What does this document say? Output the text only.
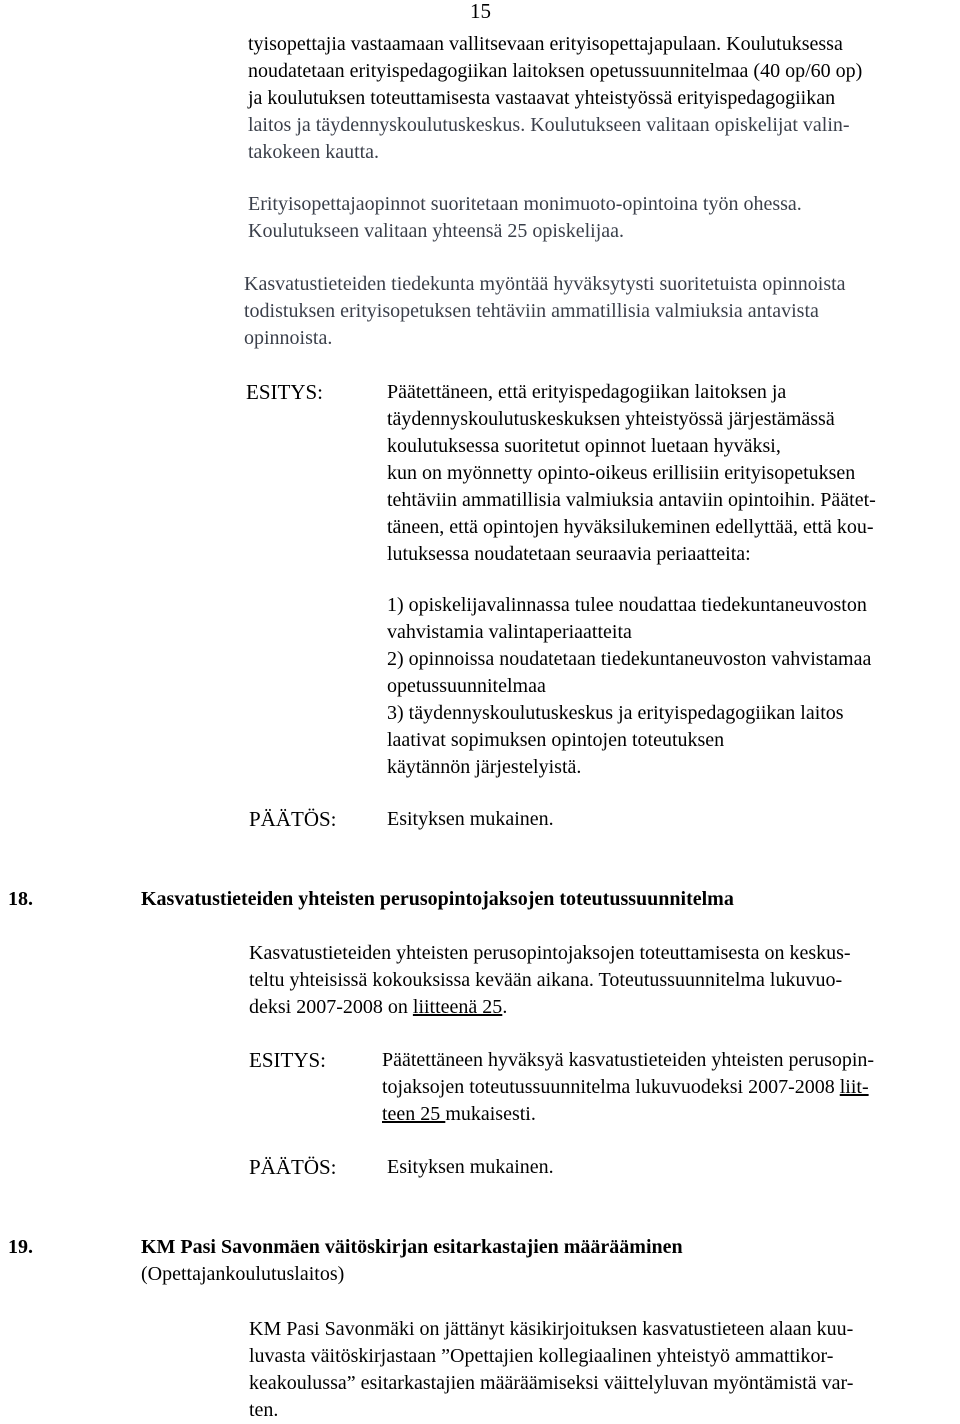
15
tyisopettajia vastaamaan vallitsevaan erityisopettajapulaan. Koulutuksessa
noudatetaan erityispedagogiikan laitoksen opetussuunnitelmaa (40 op/60 op)
ja koulutuksen toteuttamisesta vastaavat yhteistyössä erityispedagogiikan
laitos ja täydennyskoulutuskeskus. Koulutukseen valitaan opiskelijat valin-
takokeen kautta.
Erityisopettajaopinnot suoritetaan monimuoto-opintoina työn ohessa.
Koulutukseen valitaan yhteensä 25 opiskelijaa.
Kasvatustieteiden tiedekunta myöntää hyväksytysti suoritetuista opinnoista
todistuksen erityisopetuksen tehtäviin ammatillisia valmiuksia antavista
opinnoista.
ESITYS:	Päätettäneen, että erityispedagogiikan laitoksen ja
täydennyskoulutuskeskuksen yhteistyössä järjestämässä
koulutuksessa suoritetut opinnot luetaan hyväksi,
kun on myönnetty opinto-oikeus erillisiin erityisopetuksen
tehtäviin ammatillisia valmiuksia antaviin opintoihin. Päätet-
täneen, että opintojen hyväksilukeminen edellyttää, että kou-
lutuksessa noudatetaan seuraavia periaatteita:
1) opiskelijavalinnassa tulee noudattaa tiedekuntaneuvoston
vahvistamia valintaperiaatteita
2) opinnoissa noudatetaan tiedekuntaneuvoston vahvistamaa
opetussuunnitelmaa
3) täydennyskoulutuskeskus ja erityispedagogiikan laitos
laativat sopimuksen opintojen toteutuksen
käytännön järjestelyistä.
PÄÄTÖS:	Esityksen mukainen.
18.	Kasvatustieteiden yhteisten perusopintojaksojen toteutussuunnitelma
Kasvatustieteiden yhteisten perusopintojaksojen toteuttamisesta on keskus-
teltu yhteisissä kokouksissa kevään aikana. Toteutussuunnitelma lukuvuo-
deksi 2007-2008 on liitteenä 25.
ESITYS:	Päätettäneen hyväksyä kasvatustieteiden yhteisten perusopin-
tojaksojen toteutussuunnitelma lukuvuodeksi 2007-2008 liit-
teen 25 mukaisesti.
PÄÄTÖS:	Esityksen mukainen.
19.	KM Pasi Savonmäen väitöskirjan esitarkastajien määrääminen
(Opettajankoulutuslaitos)
KM Pasi Savonmäki on jättänyt käsikirjoituksen kasvatustieteen alaan kuu-
luvasta väitöskirjastaan ”Opettajien kollegiaalinen yhteistyö ammattikor-
keakoulussa” esitarkastajien määräämiseksi väittelyluvan myöntämistä var-
ten.
